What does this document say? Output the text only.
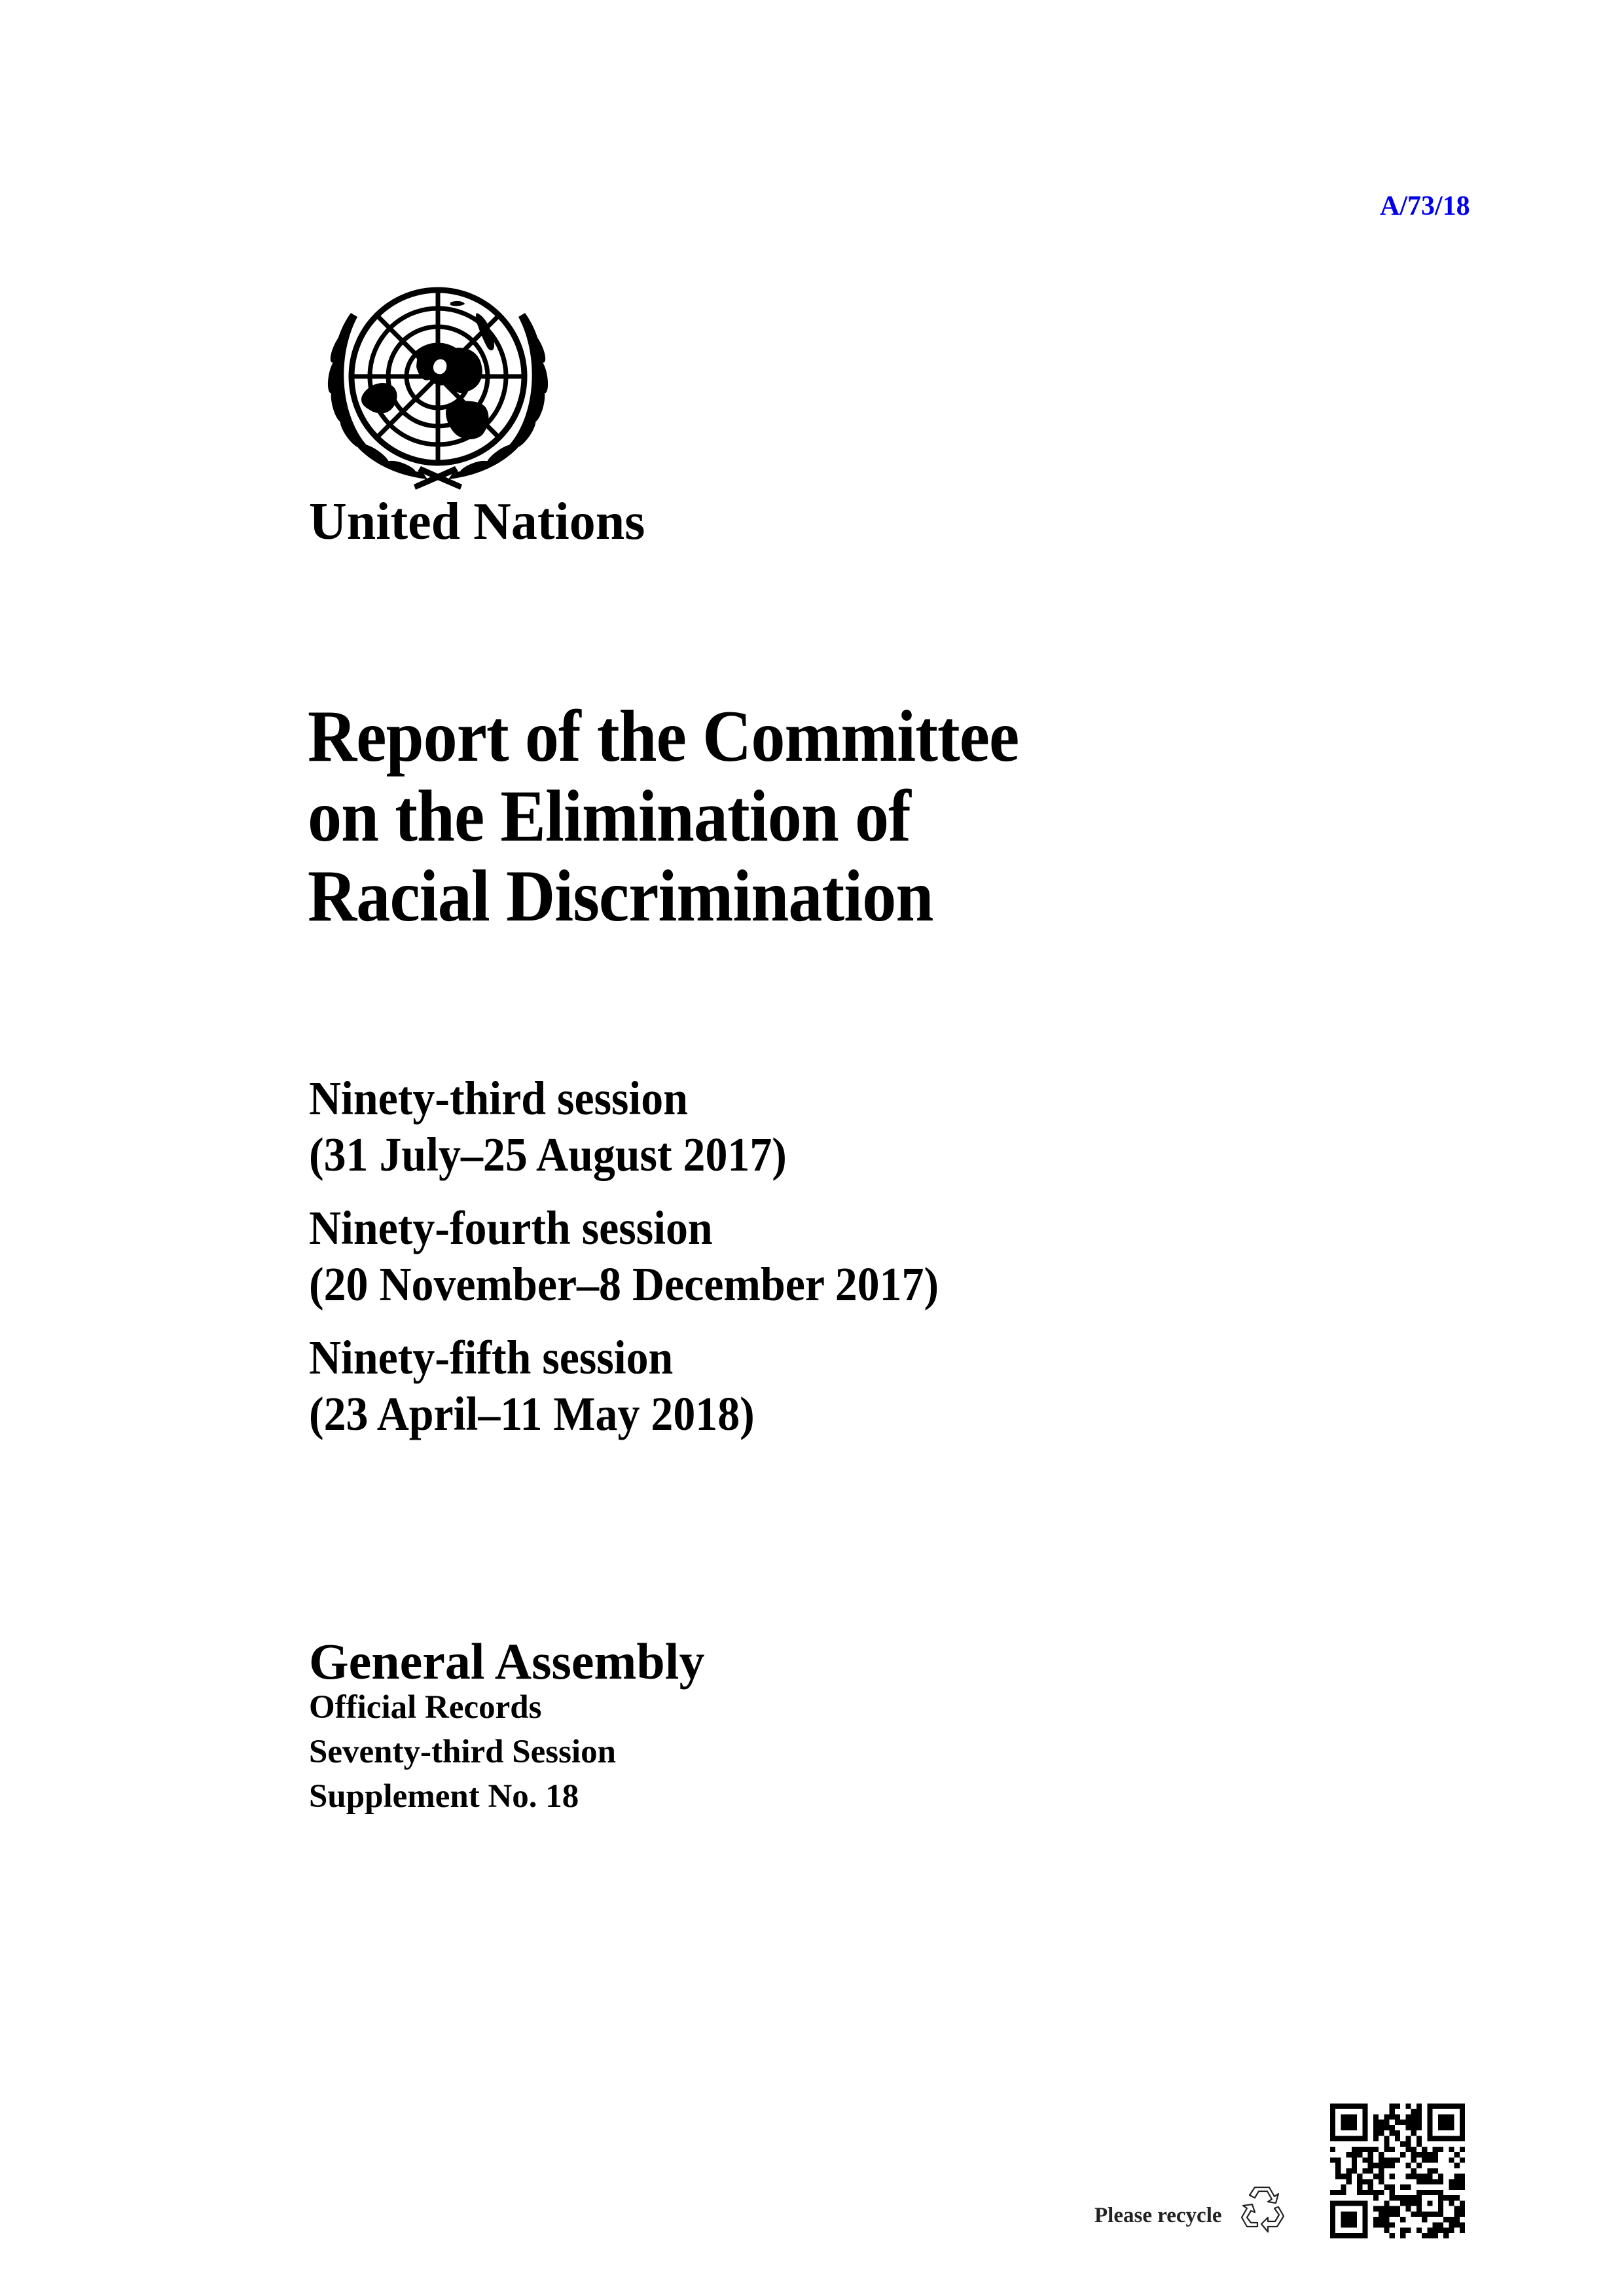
A/73/18
United Nations
Report of the Committee
on the Elimination of
Racial Discrimination
Ninety-third session
(31 July–25 August 2017)
Ninety-fourth session
(20 November–8 December 2017)
Ninety-fifth session
(23 April–11 May 2018)
General Assembly
Official Records
Seventy-third Session
Supplement No. 18
Please recycle
